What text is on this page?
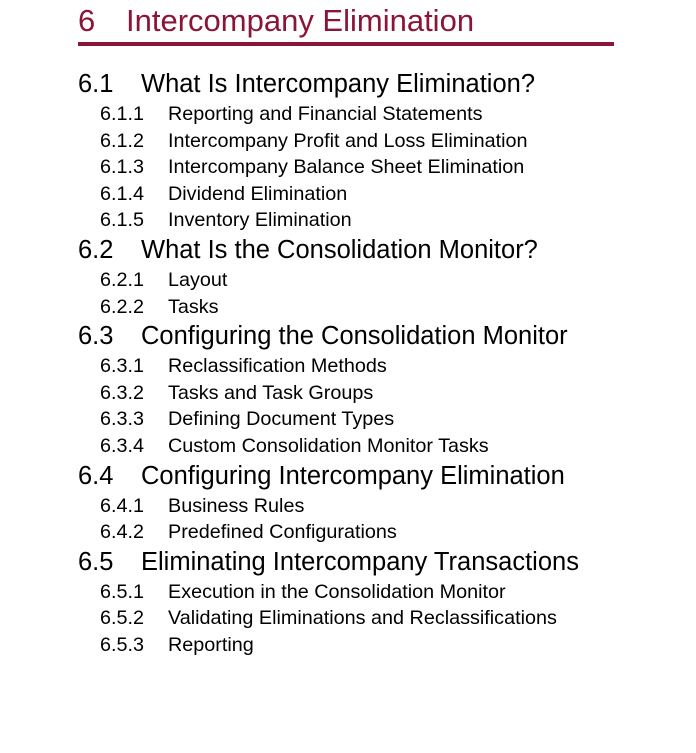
6 Intercompany Elimination
6.1 What Is Intercompany Elimination?
6.1.1 Reporting and Financial Statements
6.1.2 Intercompany Profit and Loss Elimination
6.1.3 Intercompany Balance Sheet Elimination
6.1.4 Dividend Elimination
6.1.5 Inventory Elimination
6.2 What Is the Consolidation Monitor?
6.2.1 Layout
6.2.2 Tasks
6.3 Configuring the Consolidation Monitor
6.3.1 Reclassification Methods
6.3.2 Tasks and Task Groups
6.3.3 Defining Document Types
6.3.4 Custom Consolidation Monitor Tasks
6.4 Configuring Intercompany Elimination
6.4.1 Business Rules
6.4.2 Predefined Configurations
6.5 Eliminating Intercompany Transactions
6.5.1 Execution in the Consolidation Monitor
6.5.2 Validating Eliminations and Reclassifications
6.5.3 Reporting
